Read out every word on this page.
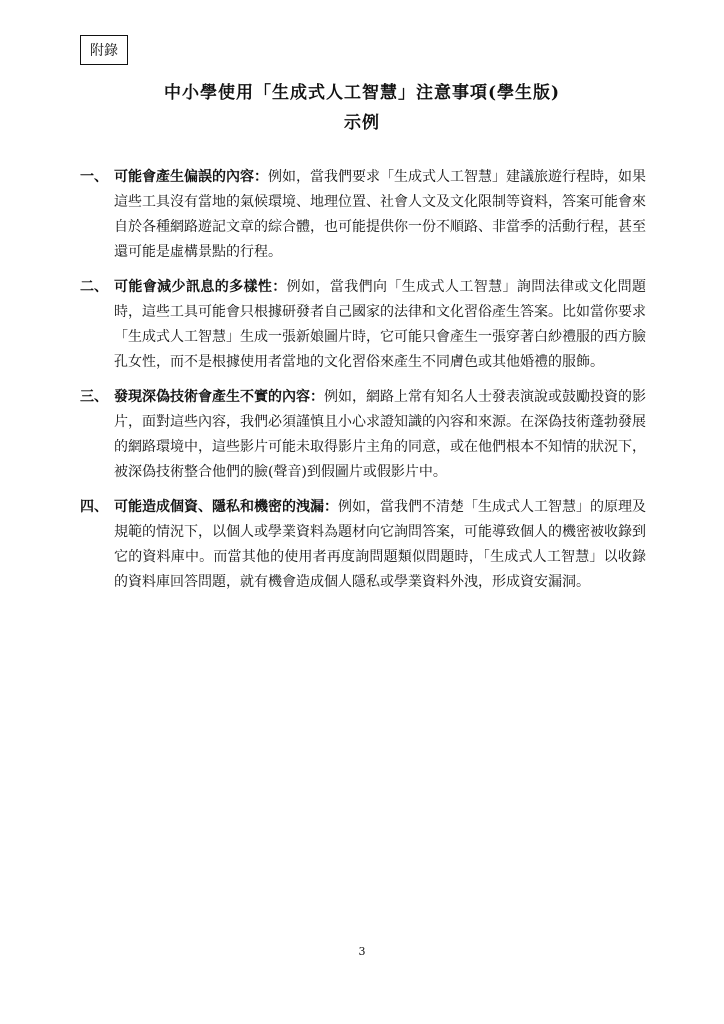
附錄
中小學使用「生成式人工智慧」注意事項(學生版)
示例
一、 可能會產生偏誤的內容：例如，當我們要求「生成式人工智慧」建議旅遊行程時，如果這些工具沒有當地的氣候環境、地理位置、社會人文及文化限制等資料，答案可能會來自於各種網路遊記文章的綜合體，也可能提供你一份不順路、非當季的活動行程，甚至還可能是虛構景點的行程。
二、 可能會減少訊息的多樣性：例如，當我們向「生成式人工智慧」詢問法律或文化問題時，這些工具可能會只根據研發者自己國家的法律和文化習俗產生答案。比如當你要求「生成式人工智慧」生成一張新娘圖片時，它可能只會產生一張穿著白紗禮服的西方臉孔女性，而不是根據使用者當地的文化習俗來產生不同膚色或其他婚禮的服飾。
三、 發現深偽技術會產生不實的內容：例如，網路上常有知名人士發表演說或鼓勵投資的影片，面對這些內容，我們必須謹慎且小心求證知識的內容和來源。在深偽技術蓬勃發展的網路環境中，這些影片可能未取得影片主角的同意，或在他們根本不知情的狀況下，被深偽技術整合他們的臉(聲音)到假圖片或假影片中。
四、 可能造成個資、隱私和機密的洩漏：例如，當我們不清楚「生成式人工智慧」的原理及規範的情況下，以個人或學業資料為題材向它詢問答案，可能導致個人的機密被收錄到它的資料庫中。而當其他的使用者再度詢問題類似問題時，「生成式人工智慧」以收錄的資料庫回答問題，就有機會造成個人隱私或學業資料外洩，形成資安漏洞。
3
